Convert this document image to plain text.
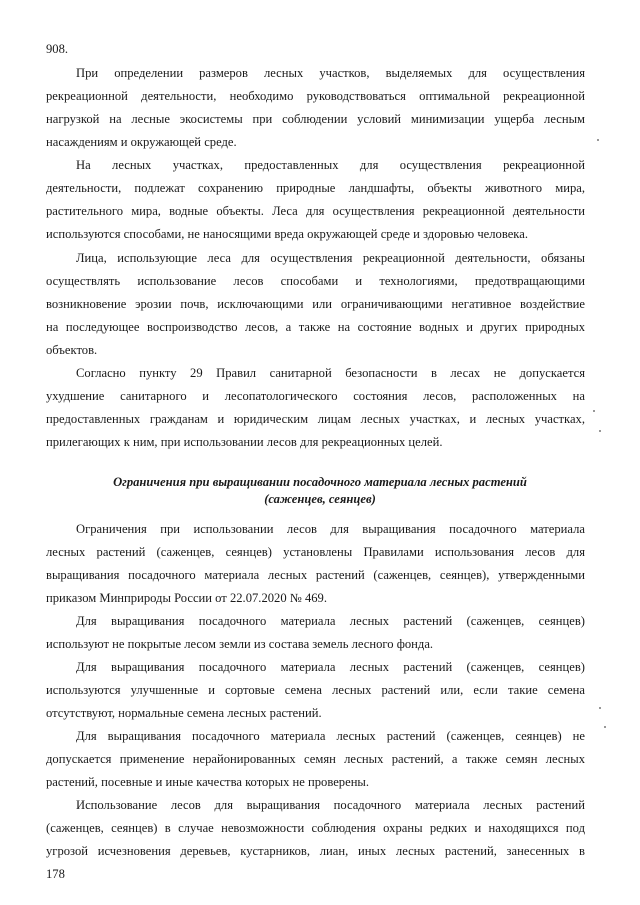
908.
При определении размеров лесных участков, выделяемых для осуществления
рекреационной деятельности, необходимо руководствоваться оптимальной рекреационной
нагрузкой на лесные экосистемы при соблюдении условий минимизации ущерба лесным
насаждениям и окружающей среде.
На лесных участках, предоставленных для осуществления рекреационной
деятельности, подлежат сохранению природные ландшафты, объекты животного мира,
растительного мира, водные объекты. Леса для осуществления рекреационной деятельности
используются способами, не наносящими вреда окружающей среде и здоровью человека.
Лица, использующие леса для осуществления рекреационной деятельности, обязаны
осуществлять использование лесов способами и технологиями, предотвращающими
возникновение эрозии почв, исключающими или ограничивающими негативное воздействие
на последующее воспроизводство лесов, а также на состояние водных и других природных
объектов.
Согласно пункту 29 Правил санитарной безопасности в лесах не допускается
ухудшение санитарного и лесопатологического состояния лесов, расположенных на
предоставленных гражданам и юридическим лицам лесных участках, и лесных участках,
прилегающих к ним, при использовании лесов для рекреационных целей.
Ограничения при выращивании посадочного материала лесных растений
(саженцев, сеянцев)
Ограничения при использовании лесов для выращивания посадочного материала
лесных растений (саженцев, сеянцев) установлены Правилами использования лесов для
выращивания посадочного материала лесных растений (саженцев, сеянцев), утвержденными
приказом Минприроды России от 22.07.2020 № 469.
Для выращивания посадочного материала лесных растений (саженцев, сеянцев)
используют не покрытые лесом земли из состава земель лесного фонда.
Для выращивания посадочного материала лесных растений (саженцев, сеянцев)
используются улучшенные и сортовые семена лесных растений или, если такие семена
отсутствуют, нормальные семена лесных растений.
Для выращивания посадочного материала лесных растений (саженцев, сеянцев) не
допускается применение нерайонированных семян лесных растений, а также семян лесных
растений, посевные и иные качества которых не проверены.
Использование лесов для выращивания посадочного материала лесных растений
(саженцев, сеянцев) в случае невозможности соблюдения охраны редких и находящихся под
угрозой исчезновения деревьев, кустарников, лиан, иных лесных растений, занесенных в
178
